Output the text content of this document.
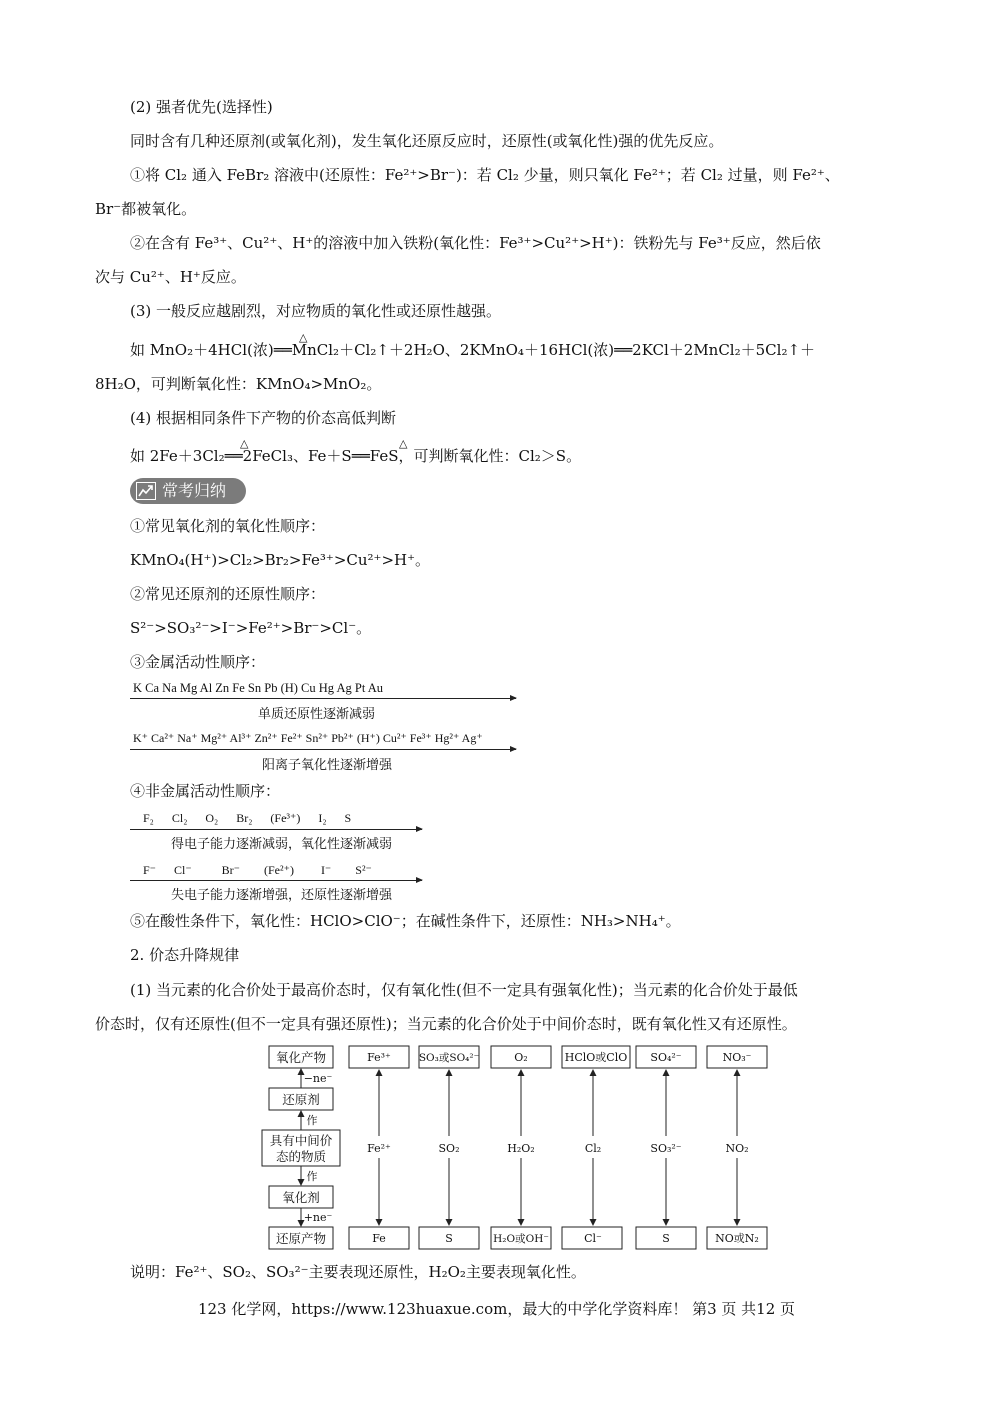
(2) 强者优先(选择性)
同时含有几种还原剂(或氧化剂)，发生氧化还原反应时，还原性(或氧化性)强的优先反应。
①将 Cl₂ 通入 FeBr₂ 溶液中(还原性：Fe²⁺>Br⁻)：若 Cl₂ 少量，则只氧化 Fe²⁺；若 Cl₂ 过量，则 Fe²⁺、
Br⁻都被氧化。
②在含有 Fe³⁺、Cu²⁺、H⁺的溶液中加入铁粉(氧化性：Fe³⁺>Cu²⁺>H⁺)：铁粉先与 Fe³⁺反应，然后依
次与 Cu²⁺、H⁺反应。
(3) 一般反应越剧烈，对应物质的氧化性或还原性越强。
△
如 MnO₂＋4HCl(浓)══MnCl₂＋Cl₂↑＋2H₂O、2KMnO₄＋16HCl(浓)══2KCl＋2MnCl₂＋5Cl₂↑＋
8H₂O，可判断氧化性：KMnO₄>MnO₂。
(4) 根据相同条件下产物的价态高低判断
△	△
如 2Fe＋3Cl₂══2FeCl₃、Fe＋S══FeS，可判断氧化性：Cl₂＞S。
常考归纳
①常见氧化剂的氧化性顺序：
KMnO₄(H⁺)>Cl₂>Br₂>Fe³⁺>Cu²⁺>H⁺。
②常见还原剂的还原性顺序：
S²⁻>SO₃²⁻>I⁻>Fe²⁺>Br⁻>Cl⁻。
③金属活动性顺序：
K Ca Na Mg Al Zn Fe Sn Pb (H) Cu Hg Ag Pt Au
单质还原性逐渐减弱
K⁺ Ca²⁺ Na⁺ Mg²⁺ Al³⁺ Zn²⁺ Fe²⁺ Sn²⁺ Pb²⁺ (H⁺) Cu²⁺ Fe³⁺ Hg²⁺ Ag⁺
阳离子氧化性逐渐增强
④非金属活动性顺序：
F₂      Cl₂      O₂      Br₂      (Fe³⁺)      I₂      S
得电子能力逐渐减弱，氧化性逐渐减弱
F⁻      Cl⁻          Br⁻        (Fe²⁺)         I⁻        S²⁻
失电子能力逐渐增强，还原性逐渐增强
⑤在酸性条件下，氧化性：HClO>ClO⁻；在碱性条件下，还原性：NH₃>NH₄⁺。
2. 价态升降规律
(1) 当元素的化合价处于最高价态时，仅有氧化性(但不一定具有强氧化性)；当元素的化合价处于最低
价态时，仅有还原性(但不一定具有强还原性)；当元素的化合价处于中间价态时，既有氧化性又有还原性。
氧化产物
−ne⁻
还原剂
作
具有中间价
态的物质
作
氧化剂
+ne⁻
还原产物
Fe³⁺	SO₃或SO₄²⁻	O₂	HClO或ClO SO₄²⁻	NO₃⁻
Fe²⁺	SO₂	H₂O₂	Cl₂	SO₃²⁻	NO₂
Fe	S	H₂O或OH⁻	Cl⁻	S	NO或N₂
说明：Fe²⁺、SO₂、SO₃²⁻主要表现还原性，H₂O₂主要表现氧化性。
123 化学网，https://www.123huaxue.com，最大的中学化学资料库！ 第3 页 共12 页
